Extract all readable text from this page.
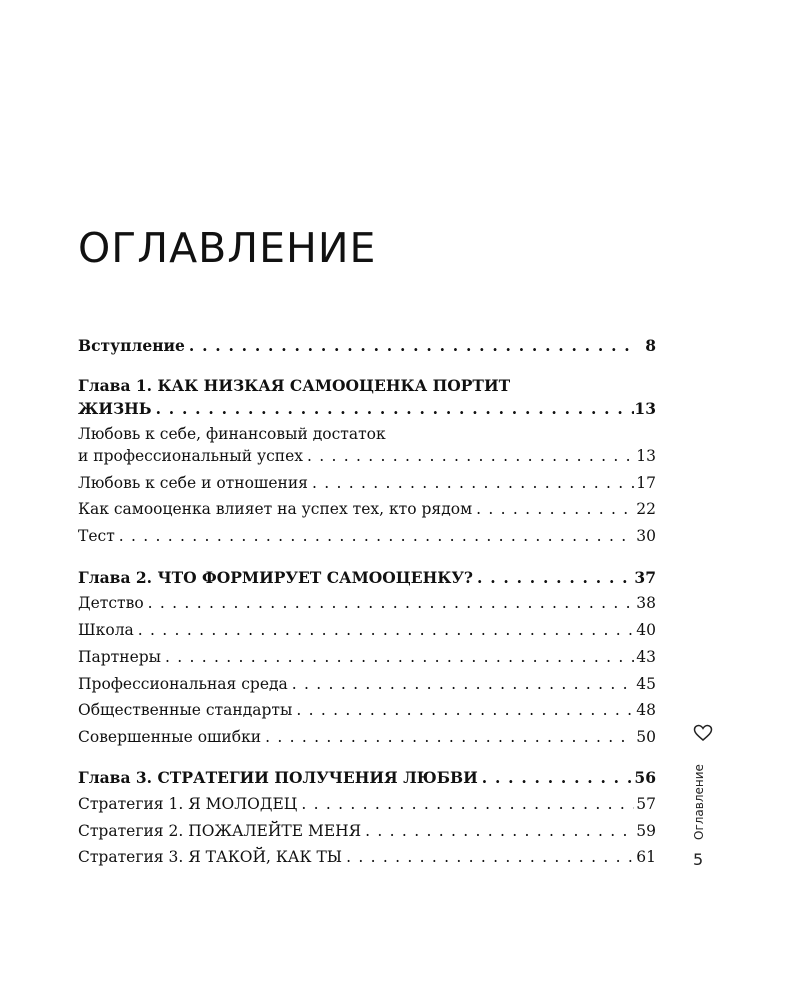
ОГЛАВЛЕНИЕ
Вступление . . .	8
Глава 1. КАК НИЗКАЯ САМООЦЕНКА ПОРТИТ
ЖИЗНЬ . . .	13
Любовь к себе, финансовый достаток
и профессиональный успех . . .	13
Любовь к себе и отношения . . .	17
Как самооценка влияет на успех тех, кто рядом . . .	22
Тест . . .	30
Глава 2. ЧТО ФОРМИРУЕТ САМООЦЕНКУ? . . .	37
Детство . . .	38
Школа . . .	40
Партнеры . . .	43
Профессиональная среда . . .	45
Общественные стандарты . . .	48
Совершенные ошибки . . .	50
Глава 3. СТРАТЕГИИ ПОЛУЧЕНИЯ ЛЮБВИ . . .	56
Стратегия 1. Я МОЛОДЕЦ . . .	57
Стратегия 2. ПОЖАЛЕЙТЕ МЕНЯ . . .	59
Стратегия 3. Я ТАКОЙ, КАК ТЫ . . .	61
Оглавление
5
